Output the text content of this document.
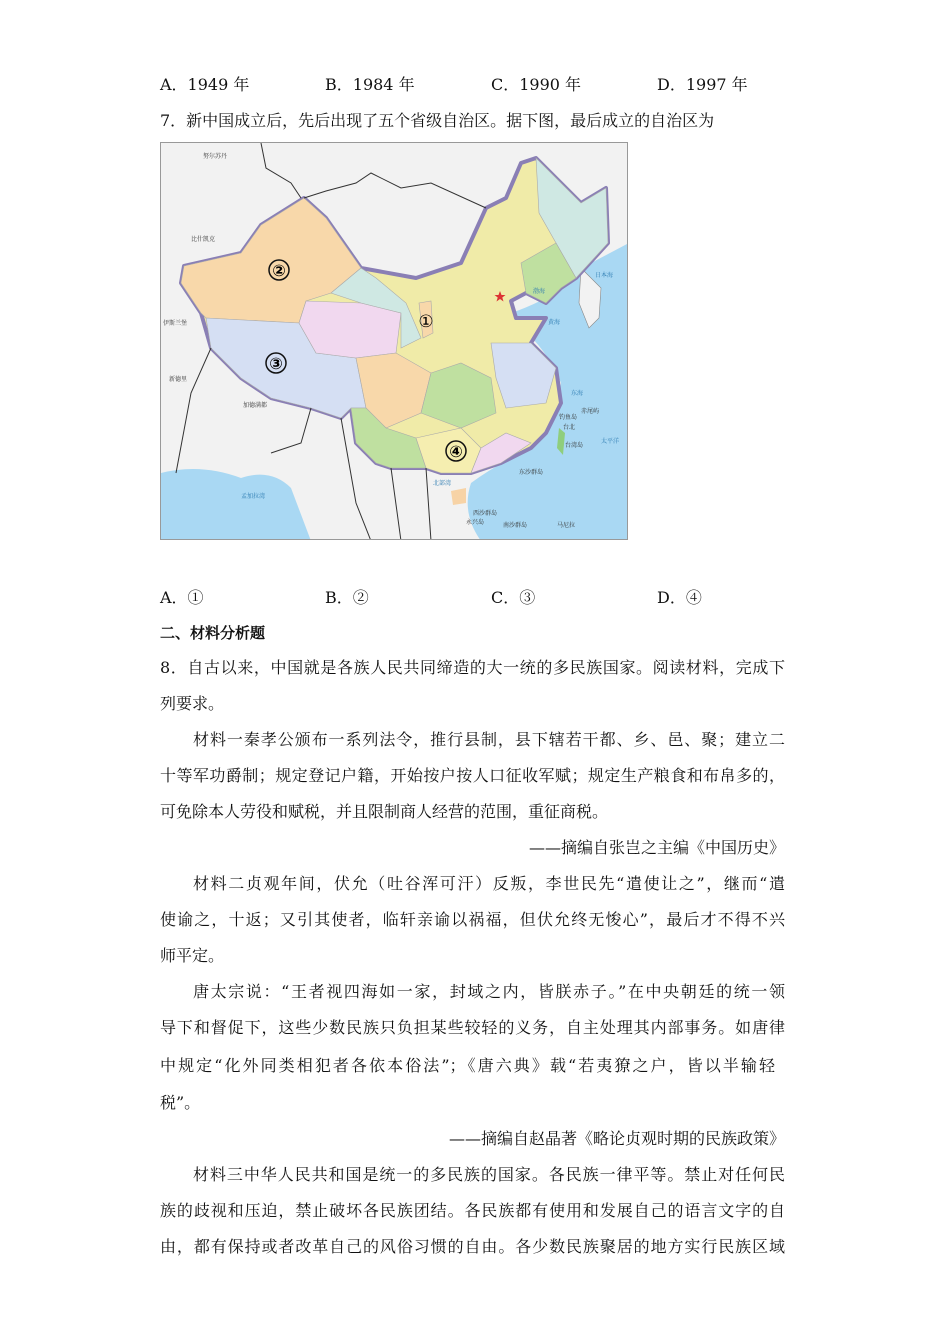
A．1949 年	B．1984 年	C．1990 年	D．1997 年
7．新中国成立后，先后出现了五个省级自治区。据下图，最后成立的自治区为
②
③
①
④
努尔苏丹
比什凯克
伊斯兰堡
新德里
加德满都
日本海
黄海
东海
太平洋
台北
台湾岛
钓鱼岛
赤尾屿
东沙群岛
西沙群岛
永兴岛	南沙群岛	马尼拉
孟加拉湾
北部湾
渤海
A．①	B．②	C．③	D．④
二、材料分析题
8．自古以来，中国就是各族人民共同缔造的大一统的多民族国家。阅读材料，完成下
列要求。
材料一秦孝公颁布一系列法令，推行县制，县下辖若干都、乡、邑、聚；建立二
十等军功爵制；规定登记户籍，开始按户按人口征收军赋；规定生产粮食和布帛多的，
可免除本人劳役和赋税，并且限制商人经营的范围，重征商税。
——摘编自张岂之主编《中国历史》
材料二贞观年间，伏允（吐谷浑可汗）反叛，李世民先“遣使让之”，继而“遣
使谕之，十返；又引其使者，临轩亲谕以祸福，但伏允终无悛心”，最后才不得不兴
师平定。
唐太宗说：“王者视四海如一家，封域之内，皆朕赤子。”在中央朝廷的统一领
导下和督促下，这些少数民族只负担某些较轻的义务，自主处理其内部事务。如唐律
中规定“化外同类相犯者各依本俗法”；《唐六典》载“若夷獠之户，皆以半输轻
税”。
——摘编自赵晶著《略论贞观时期的民族政策》
材料三中华人民共和国是统一的多民族的国家。各民族一律平等。禁止对任何民
族的歧视和压迫，禁止破坏各民族团结。各民族都有使用和发展自己的语言文字的自
由，都有保持或者改革自己的风俗习惯的自由。各少数民族聚居的地方实行民族区域
